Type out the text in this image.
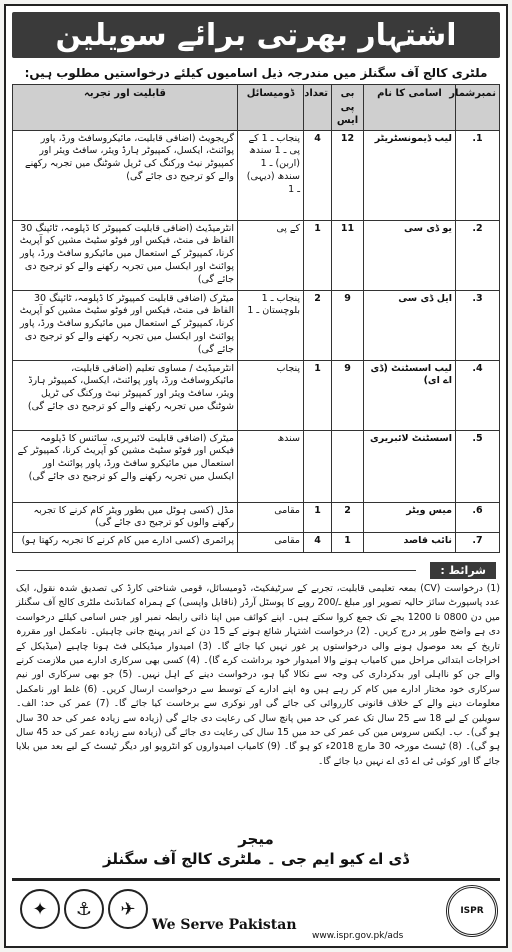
اشتہار بھرتی برائے سویلین
ملٹری کالج آف سگنلز میں مندرجہ ذیل اسامیوں کیلئے درخواستیں مطلوب ہیں:
نمبرشمار	اسامی کا نام	بی پی ایس	تعداد	ڈومیسائل	قابلیت اور تجربہ
1.	لیب ڈیمونسٹریٹر	12	4	پنجاب ـ 1 کے پی ـ 1 سندھ (اربن) ـ 1 سندھ (دیہی) ـ 1	گریجویٹ (اضافی قابلیت، مائیکروسافٹ ورڈ، پاور پوائنٹ، ایکسل، کمپیوٹر ہارڈ ویئر، سافٹ ویئر اور کمپیوٹر نیٹ ورکنگ کی ٹریل شوٹنگ میں تجربہ رکھنے والے کو ترجیح دی جائے گی)
2.	یو ڈی سی	11	1	کے پی	انٹرمیڈیٹ (اضافی قابلیت کمپیوٹر کا ڈپلومہ، ٹائپنگ 30 الفاظ فی منٹ، فیکس اور فوٹو سٹیٹ مشین کو آپریٹ کرنا، کمپیوٹر کے استعمال میں مائیکرو سافٹ ورڈ، پاور پوائنٹ اور ایکسل میں تجربہ رکھنے والے کو ترجیح دی جائے گی)
3.	ایل ڈی سی	9	2	پنجاب ـ 1 بلوچستان ـ 1	میٹرک (اضافی قابلیت کمپیوٹر کا ڈپلومہ، ٹائپنگ 30 الفاظ فی منٹ، فیکس اور فوٹو سٹیٹ مشین کو آپریٹ کرنا، کمپیوٹر کے استعمال میں مائیکرو سافٹ ورڈ، پاور پوائنٹ اور ایکسل میں تجربہ رکھنے والے کو ترجیح دی جائے گی)
4.	لیب اسسٹنٹ (ڈی اے ای)	9	1	پنجاب	انٹرمیڈیٹ / مساوی تعلیم (اضافی قابلیت، مائیکروسافٹ ورڈ، پاور پوائنٹ، ایکسل، کمپیوٹر ہارڈ ویئر، سافٹ ویئر اور کمپیوٹر نیٹ ورکنگ کی ٹریل شوٹنگ میں تجربہ رکھنے والے کو ترجیح دی جائے گی)
5.	اسسٹنٹ لائبریری			سندھ	میٹرک (اضافی قابلیت لائبریری، سائنس کا ڈپلومہ فیکس اور فوٹو سٹیٹ مشین کو آپریٹ کرنا، کمپیوٹر کے استعمال میں مائیکرو سافٹ ورڈ، پاور پوائنٹ اور ایکسل میں تجربہ رکھنے والے کو ترجیح دی جائے گی)
6.	میس ویٹر	2	1	مقامی	مڈل (کسی ہوٹل میں بطور ویٹر کام کرنے کا تجربہ رکھنے والوں کو ترجیح دی جائے گی)
7.	نائب قاصد	1	4	مقامی	پرائمری (کسی ادارے میں کام کرنے کا تجربہ رکھتا ہو)
شرائط :

(1) درخواست (CV) بمعہ تعلیمی قابلیت، تجربے کے سرٹیفکیٹ، ڈومیسائل، قومی شناختی کارڈ کی تصدیق شدہ نقول، ایک عدد پاسپورٹ سائز حالیہ تصویر اور مبلغ ـ/200 روپے کا پوسٹل آرڈر (ناقابل واپسی) کے ہمراہ کمانڈنٹ ملٹری کالج آف سگنلز میں دن 0800 تا 1200 بجے تک جمع کروا سکتے ہیں۔ اپنے کوائف میں اپنا ذاتی رابطہ نمبر اور جس اسامی کیلئے درخواست دی ہے واضح طور پر درج کریں۔ (2) درخواست اشتہار شائع ہونے کے 15 دن کے اندر پہنچ جانی چاہیئں۔ نامکمل اور مقررہ تاریخ کے بعد موصول ہونے والی درخواستوں پر غور نہیں کیا جائے گا۔ (3) امیدوار میڈیکلی فٹ ہونا چاہیے (میڈیکل کے اخراجات ابتدائی مراحل میں کامیاب ہونے والا امیدوار خود برداشت کرے گا)۔ (4) کسی بھی سرکاری ادارے میں ملازمت کرنے والے جن کو نااہلی اور بدکرداری کی وجہ سے نکالا گیا ہو، درخواست دینے کے اہل نہیں۔ (5) جو بھی سرکاری اور نیم سرکاری خود مختار ادارے میں کام کر رہے ہیں وہ اپنے ادارے کے توسط سے درخواست ارسال کریں۔ (6) غلط اور نامکمل معلومات دینے والے کے خلاف قانونی کارروائی کی جائے گی اور نوکری سے برخاست کیا جائے گا۔ (7) عمر کی حد: الف۔ سویلین کے لیے 18 سے 25 سال تک عمر کی حد میں پانچ سال کی رعایت دی جائے گی (زیادہ سے زیادہ عمر کی حد 30 سال ہو گی)۔ ب۔ ایکس سروس مین کی عمر کی حد میں 15 سال کی رعایت دی جائے گی (زیادہ سے زیادہ عمر کی حد 45 سال ہو گی)۔ (8) ٹیسٹ مورخہ 30 مارچ 2018ء کو ہو گا۔ (9) کامیاب امیدواروں کو انٹرویو اور دیگر ٹیسٹ کے لیے بعد میں بلایا جائے گا اور کوئی ٹی اے ڈی اے نہیں دیا جائے گا۔

میجر
ڈی اے کیو ایم جی ۔ ملٹری کالج آف سگنلز
✦	⚓	✈
We Serve Pakistan
www.ispr.gov.pk/ads
ISPR
